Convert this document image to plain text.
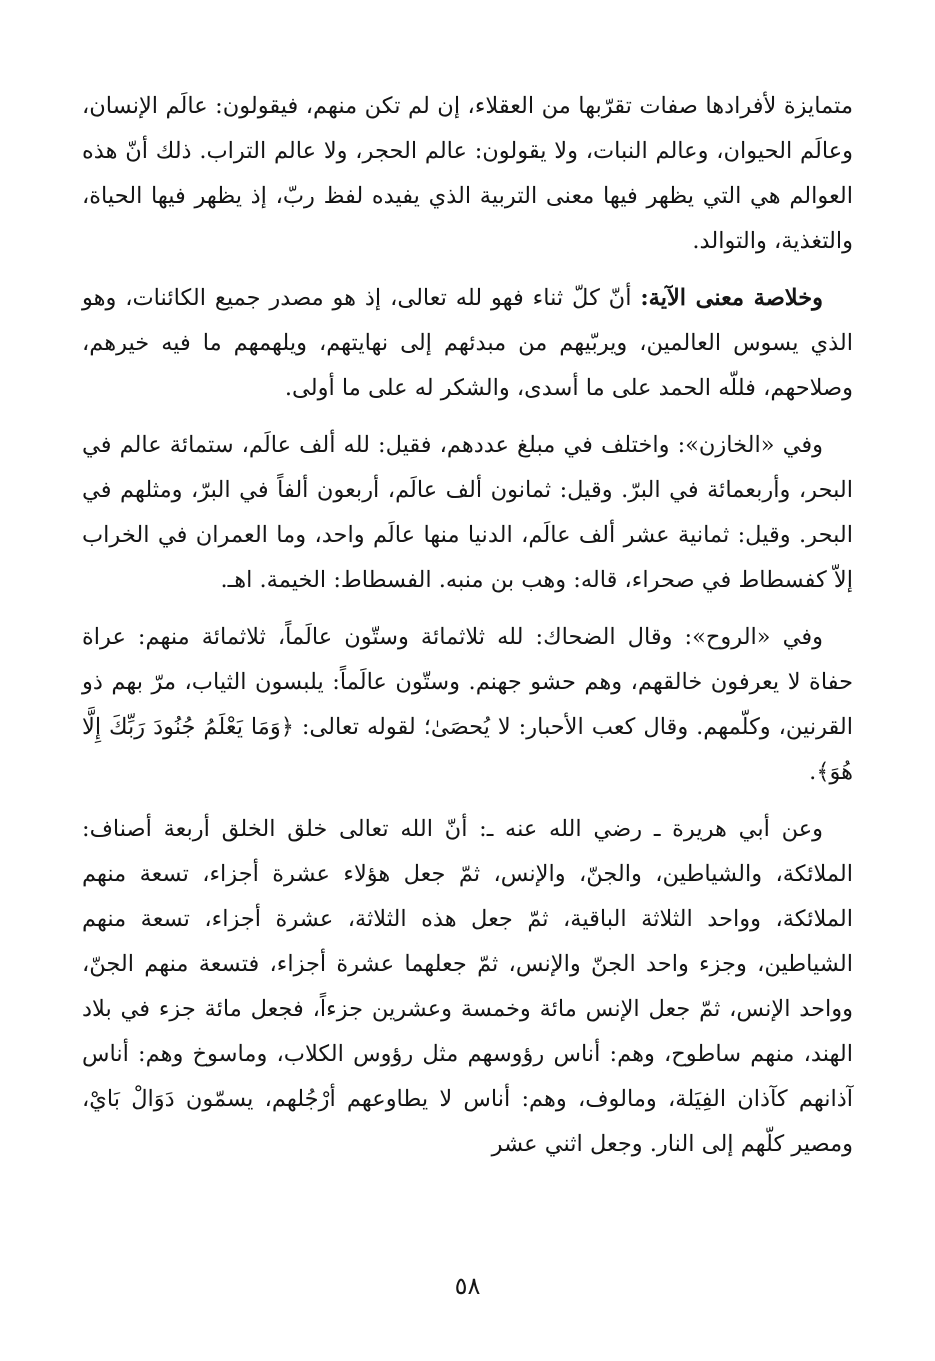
متمايزة لأفرادها صفات تقرّبها من العقلاء، إن لم تكن منهم، فيقولون: عالَم الإنسان، وعالَم الحيوان، وعالم النبات، ولا يقولون: عالم الحجر، ولا عالم التراب. ذلك أنّ هذه العوالم هي التي يظهر فيها معنى التربية الذي يفيده لفظ ربّ، إذ يظهر فيها الحياة، والتغذية، والتوالد.

وخلاصة معنى الآية: أنّ كلّ ثناء فهو لله تعالى، إذ هو مصدر جميع الكائنات، وهو الذي يسوس العالمين، ويربّيهم من مبدئهم إلى نهايتهم، ويلهمهم ما فيه خيرهم، وصلاحهم، فللّه الحمد على ما أسدى، والشكر له على ما أولى.

وفي «الخازن»: واختلف في مبلغ عددهم، فقيل: لله ألف عالَم، ستمائة عالم في البحر، وأربعمائة في البرّ. وقيل: ثمانون ألف عالَم، أربعون ألفاً في البرّ، ومثلهم في البحر. وقيل: ثمانية عشر ألف عالَم، الدنيا منها عالَم واحد، وما العمران في الخراب إلاّ كفسطاط في صحراء، قاله: وهب بن منبه. الفسطاط: الخيمة. اهـ.

وفي «الروح»: وقال الضحاك: لله ثلاثمائة وستّون عالَماً، ثلاثمائة منهم: عراة حفاة لا يعرفون خالقهم، وهم حشو جهنم. وستّون عالَماً: يلبسون الثياب، مرّ بهم ذو القرنين، وكلّمهم. وقال كعب الأحبار: لا يُحصَىٰ؛ لقوله تعالى: ﴿وَمَا يَعْلَمُ جُنُودَ رَبِّكَ إِلَّا هُوَ﴾.

وعن أبي هريرة ـ رضي الله عنه ـ: أنّ الله تعالى خلق الخلق أربعة أصناف: الملائكة، والشياطين، والجنّ، والإنس، ثمّ جعل هؤلاء عشرة أجزاء، تسعة منهم الملائكة، وواحد الثلاثة الباقية، ثمّ جعل هذه الثلاثة، عشرة أجزاء، تسعة منهم الشياطين، وجزء واحد الجنّ والإنس، ثمّ جعلهما عشرة أجزاء، فتسعة منهم الجنّ، وواحد الإنس، ثمّ جعل الإنس مائة وخمسة وعشرين جزءاً، فجعل مائة جزء في بلاد الهند، منهم ساطوح، وهم: أناس رؤوسهم مثل رؤوس الكلاب، وماسوخ وهم: أناس آذانهم كآذان الفِيَلة، ومالوف، وهم: أناس لا يطاوعهم أرْجُلهم، يسمّون دَوَالْ بَايْ، ومصير كلّهم إلى النار. وجعل اثني عشر

٥٨
